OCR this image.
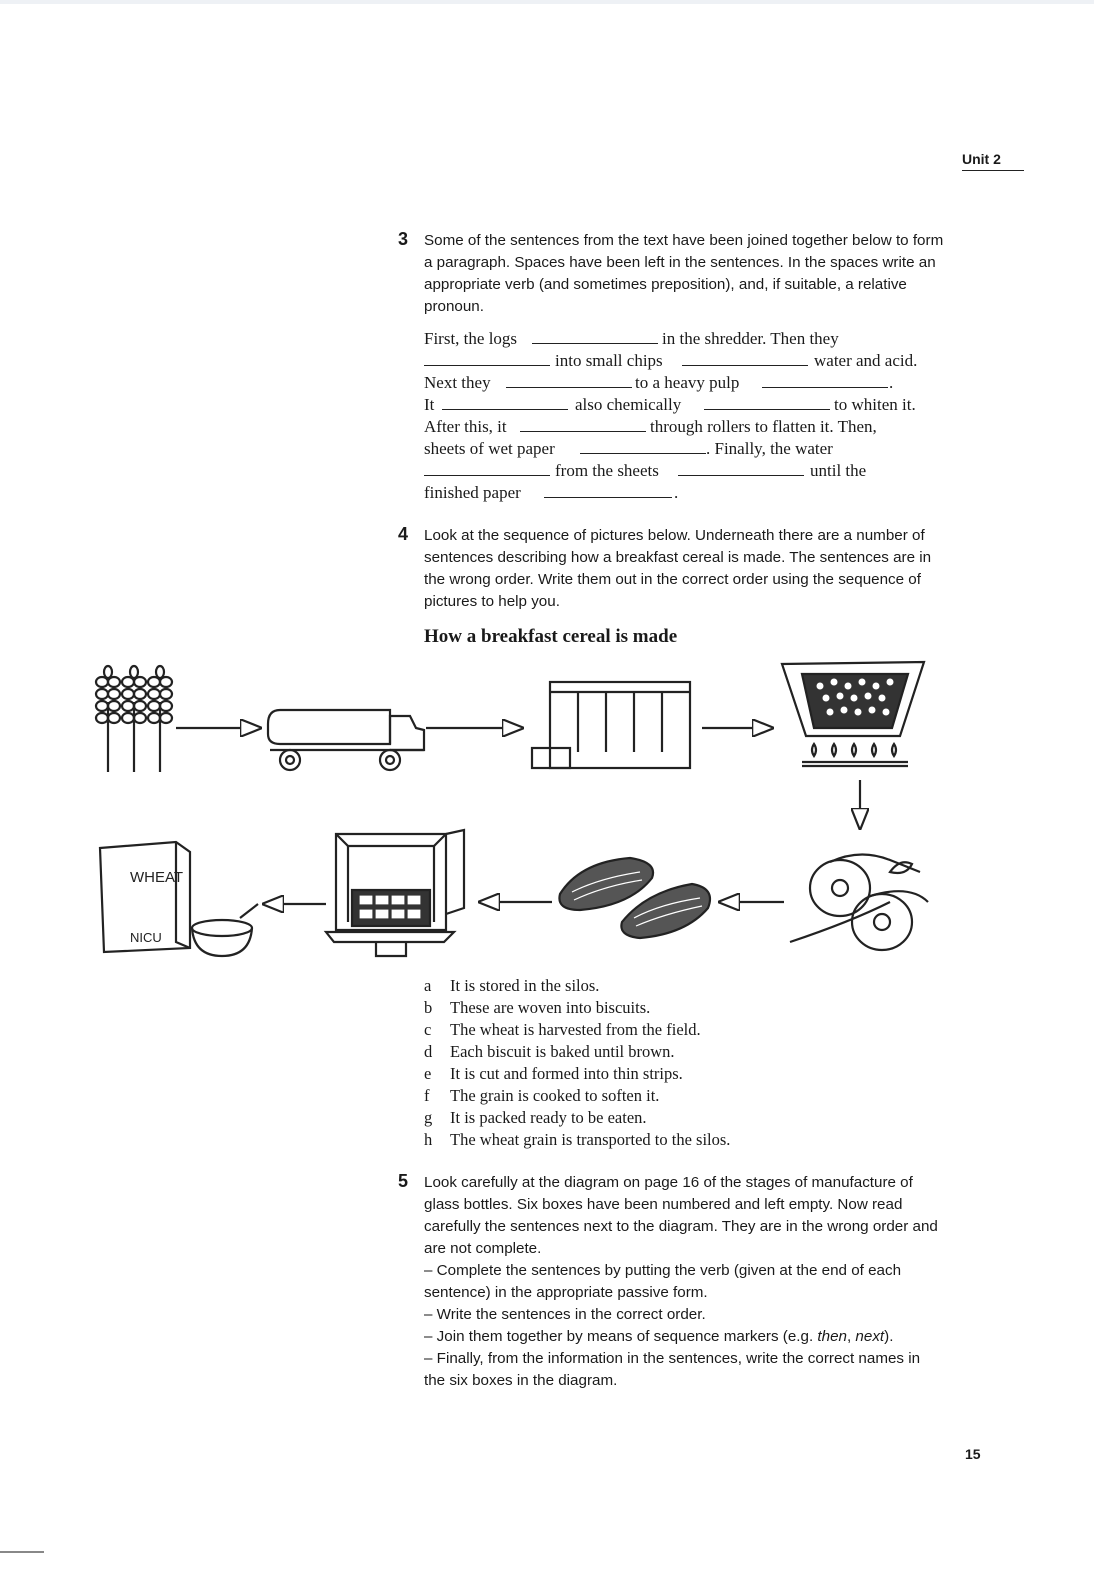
Unit 2
3 Some of the sentences from the text have been joined together below to form a paragraph. Spaces have been left in the sentences. In the spaces write an appropriate verb (and sometimes preposition), and, if suitable, a relative pronoun.

First, the logs	in the shredder. Then they
into small chips	water and acid.
Next they	to a heavy pulp	.
It	also chemically	to whiten it.
After this, it	through rollers to flatten it. Then,
sheets of wet paper	. Finally, the water
from the sheets	until the
finished paper	.
4 Look at the sequence of pictures below. Underneath there are a number of sentences describing how a breakfast cereal is made. The sentences are in the wrong order. Write them out in the correct order using the sequence of pictures to help you.

How a breakfast cereal is made
WHEAT
NICU
a It is stored in the silos.
b These are woven into biscuits.
c The wheat is harvested from the field.
d Each biscuit is baked until brown.
e It is cut and formed into thin strips.
f The grain is cooked to soften it.
g It is packed ready to be eaten.
h The wheat grain is transported to the silos.
5 Look carefully at the diagram on page 16 of the stages of manufacture of glass bottles. Six boxes have been numbered and left empty. Now read carefully the sentences next to the diagram. They are in the wrong order and are not complete.

– Complete the sentences by putting the verb (given at the end of each sentence) in the appropriate passive form.

– Write the sentences in the correct order.

– Join them together by means of sequence markers (e.g. then, next).

– Finally, from the information in the sentences, write the correct names in the six boxes in the diagram.

15
